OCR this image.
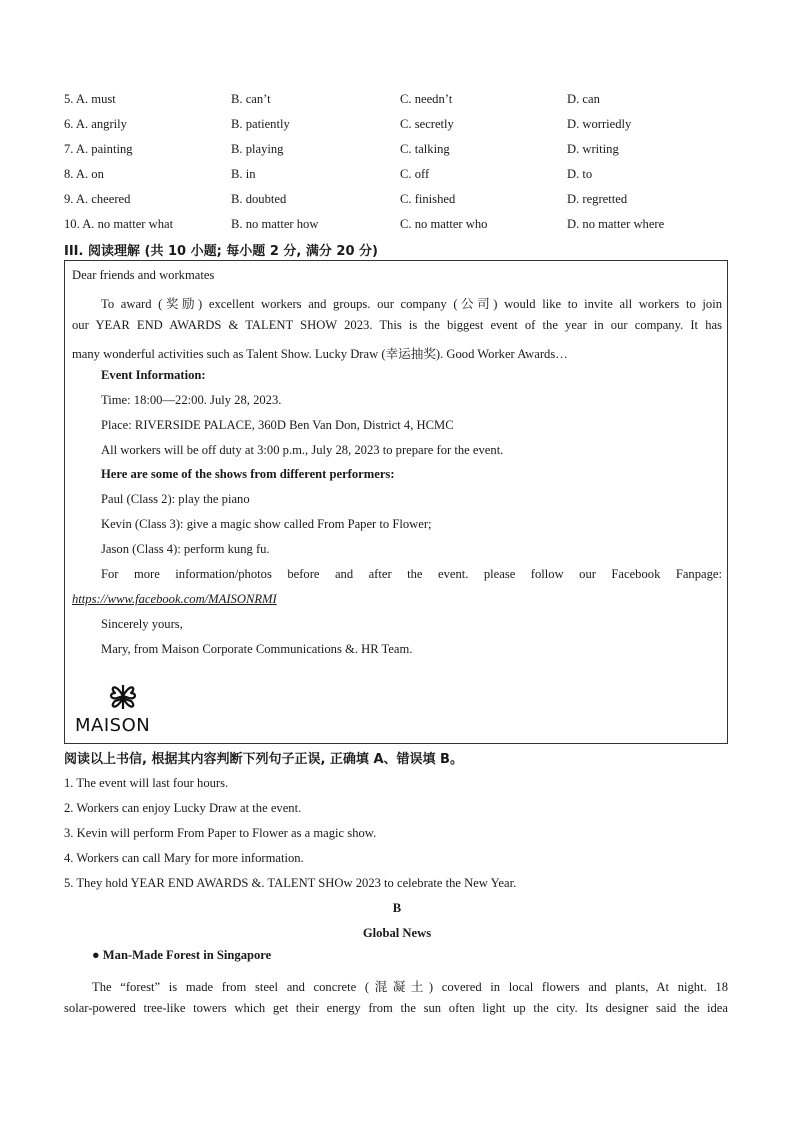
5. A. must	B. can’t	C. needn’t	D. can
6. A. angrily	B. patiently	C. secretly	D. worriedly
7. A. painting	B. playing	C. talking	D. writing
8. A. on	B. in	C. off	D. to
9. A. cheered	B. doubted	C. finished	D. regretted
10. A. no matter what	B. no matter how	C. no matter who	D. no matter where
III. 阅读理解 (共 10 小题; 每小题 2 分, 满分 20 分)
Dear friends and workmates
To award (奖励) excellent workers and groups. our company (公司) would like to invite all workers to join
our YEAR END AWARDS & TALENT SHOW 2023. This is the biggest event of the year in our company. It has
many wonderful activities such as Talent Show. Lucky Draw (幸运抽奖). Good Worker Awards…
Event Information:
Time: 18:00—22:00. July 28, 2023.
Place: RIVERSIDE PALACE, 360D Ben Van Don, District 4, HCMC
All workers will be off duty at 3:00 p.m., July 28, 2023 to prepare for the event.
Here are some of the shows from different performers:
Paul (Class 2): play the piano
Kevin (Class 3): give a magic show called From Paper to Flower;
Jason (Class 4): perform kung fu.
For more information/photos before and after the event. please follow our Facebook Fanpage:
https://www.facebook.com/MAISONRMI
Sincerely yours,
Mary, from Maison Corporate Communications &. HR Team.
MAISON
阅读以上书信, 根据其内容判断下列句子正误, 正确填 A、错误填 B。
1. The event will last four hours.
2. Workers can enjoy Lucky Draw at the event.
3. Kevin will perform From Paper to Flower as a magic show.
4. Workers can call Mary for more information.
5. They hold YEAR END AWARDS &. TALENT SHOw 2023 to celebrate the New Year.
B
Global News
● Man-Made Forest in Singapore
The “forest” is made from steel and concrete (混凝土) covered in local flowers and plants, At night. 18
solar-powered tree-like towers which get their energy from the sun often light up the city. Its designer said the idea
